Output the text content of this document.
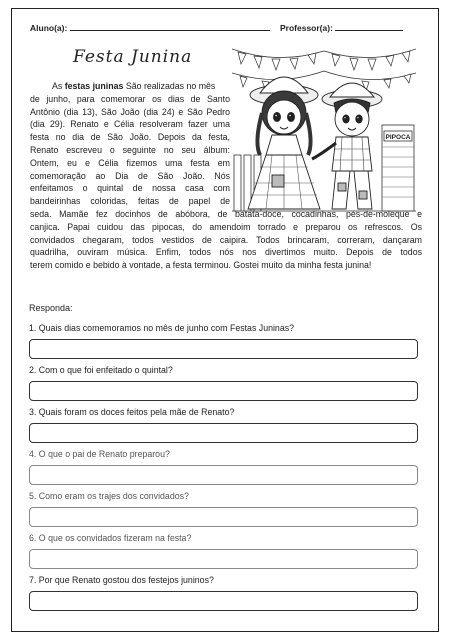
Aluno(a):	Professor(a):
Festa Junina
PIPOCA
As festas juninas São realizadas no mês
de junho, para comemorar os dias de Santo
Antônio (dia 13), São João (dia 24) e São Pedro
(dia 29). Renato e Célia resolveram fazer uma
festa no dia de São João. Depois da festa,
Renato escreveu o seguinte no seu álbum:
Ontem, eu e Célia fizemos uma festa em
comemoração ao Dia de São João. Nós
enfeitamos o quintal de nossa casa com
bandeirinhas coloridas, feitas de papel de
seda. Mamãe fez docinhos de abóbora, de batata-doce, cocadinhas, pés-de-moleque e
canjica. Papai cuidou das pipocas, do amendoim torrado e preparou os refrescos. Os
convidados chegaram, todos vestidos de caipira. Todos brincaram, correram, dançaram
quadrilha, ouviram música. Enfim, todos nós nos divertimos muito. Depois de todos
terem comido e bebido à vontade, a festa terminou. Gostei muito da minha festa junina!
Responda:
1. Quais dias comemoramos no mês de junho com Festas Juninas?
2. Com o que foi enfeitado o quintal?
3. Quais foram os doces feitos pela mãe de Renato?
4. O que o pai de Renato preparou?
5. Como eram os trajes dos convidados?
6. O que os convidados fizeram na festa?
7. Por que Renato gostou dos festejos juninos?
